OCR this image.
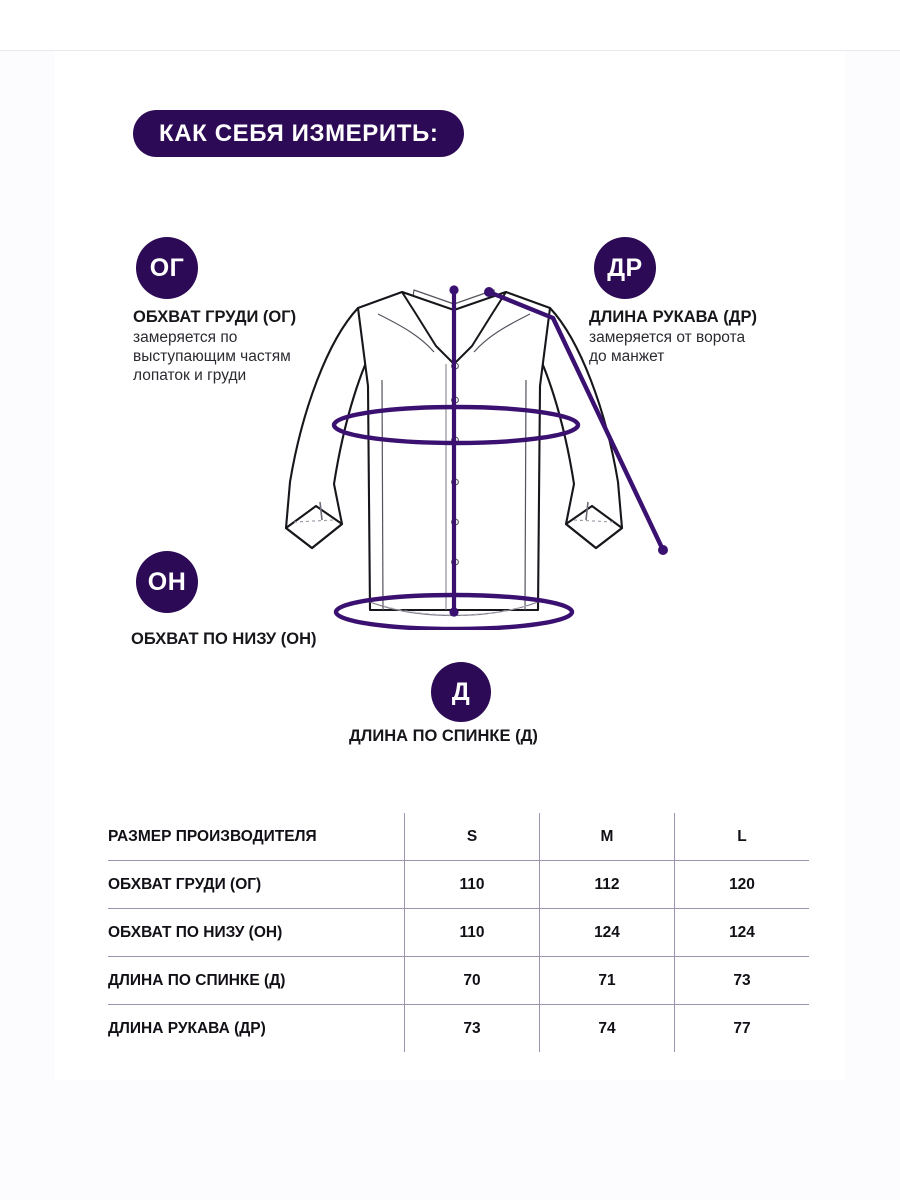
КАК СЕБЯ ИЗМЕРИТЬ:
ОГ
ОБХВАТ ГРУДИ (ОГ)
замеряется по
выступающим частям
лопаток и груди
ДР
ДЛИНА РУКАВА (ДР)
замеряется от ворота
до манжет
ОН
ОБХВАТ ПО НИЗУ (ОН)
Д
ДЛИНА ПО СПИНКЕ (Д)
РАЗМЕР ПРОИЗВОДИТЕЛЯ	S	M	L
ОБХВАТ ГРУДИ (ОГ)	110	112	120
ОБХВАТ ПО НИЗУ (ОН)	110	124	124
ДЛИНА ПО СПИНКЕ (Д)	70	71	73
ДЛИНА РУКАВА (ДР)	73	74	77
